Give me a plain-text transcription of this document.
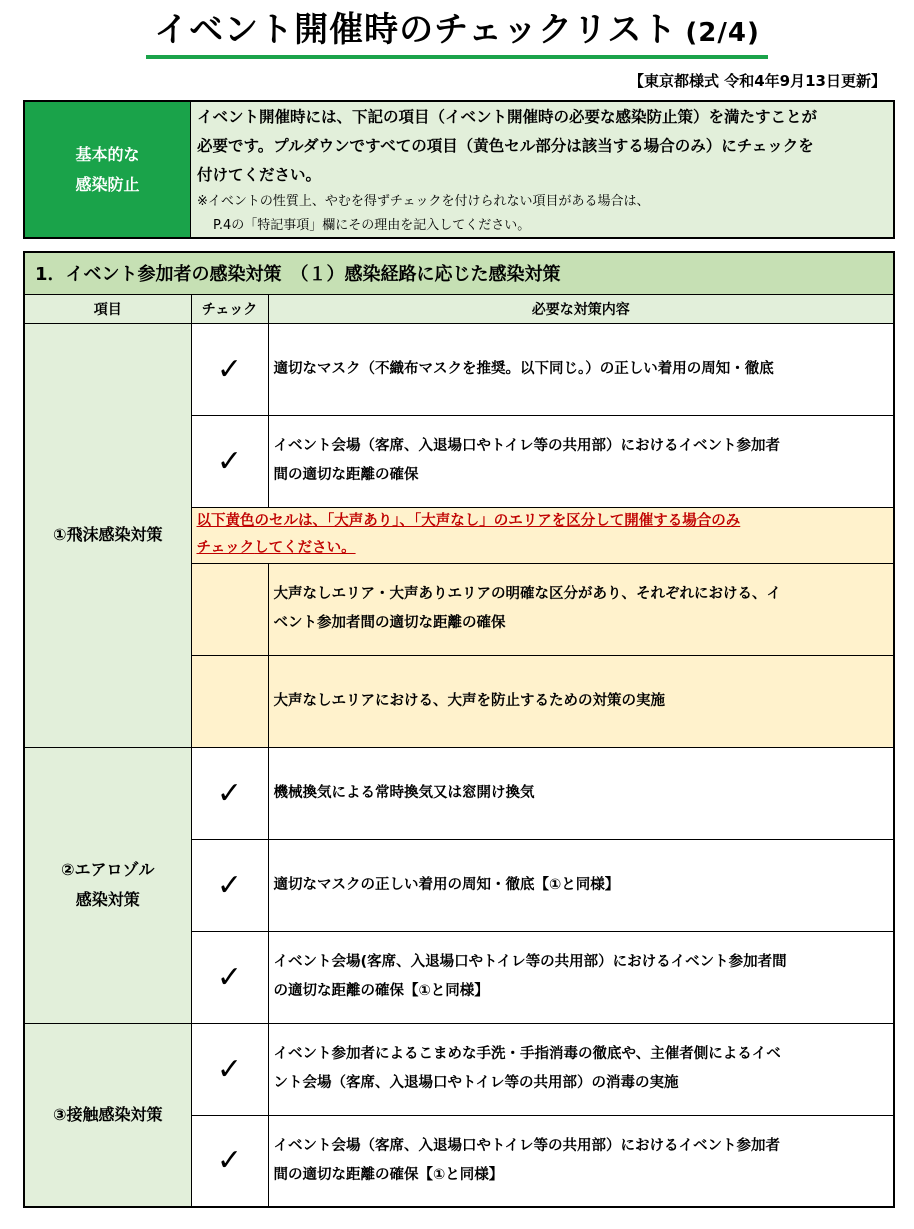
イベント開催時のチェックリスト (2/4)
【東京都様式 令和4年9月13日更新】
基本的な
感染防止
イベント開催時には、下記の項目（イベント開催時の必要な感染防止策）を満たすことが
必要です。プルダウンですべての項目（黄色セル部分は該当する場合のみ）にチェックを
付けてください。
※イベントの性質上、やむを得ずチェックを付けられない項目がある場合は、
P.4の「特記事項」欄にその理由を記入してください。
1．イベント参加者の感染対策　（１）感染経路に応じた感染対策		
項目	チェック	必要な対策内容
①飛沫感染対策	✓	適切なマスク（不織布マスクを推奨。以下同じ。）の正しい着用の周知・徹底

	✓	イベント会場（客席、入退場口やトイレ等の共用部）におけるイベント参加者
間の適切な距離の確保

	以下黄色のセルは、「大声あり」、「大声なし」のエリアを区分して開催する場合のみ
チェックしてください。	

		大声なしエリア・大声ありエリアの明確な区分があり、それぞれにおける、イ
ベント参加者間の適切な距離の確保

		大声なしエリアにおける、大声を防止するための対策の実施

②エアロゾル
感染対策	✓	機械換気による常時換気又は窓開け換気

	✓	適切なマスクの正しい着用の周知・徹底【①と同様】

	✓	イベント会場(客席、入退場口やトイレ等の共用部）におけるイベント参加者間
の適切な距離の確保【①と同様】

③接触感染対策	✓	イベント参加者によるこまめな手洗・手指消毒の徹底や、主催者側によるイベ
ント会場（客席、入退場口やトイレ等の共用部）の消毒の実施

	✓	イベント会場（客席、入退場口やトイレ等の共用部）におけるイベント参加者
間の適切な距離の確保【①と同様】
